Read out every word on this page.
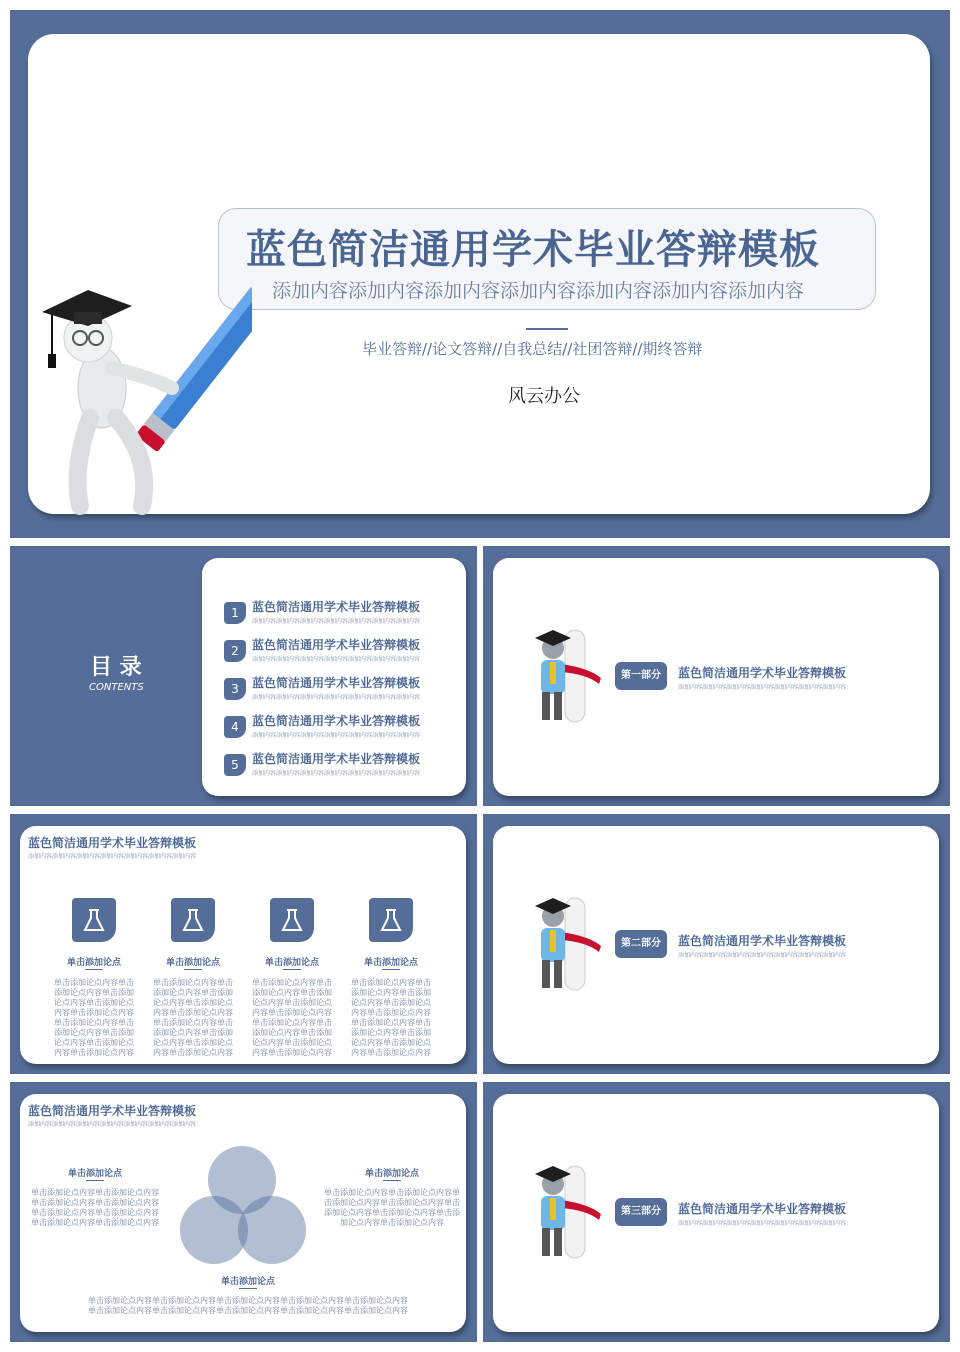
蓝色简洁通用学术毕业答辩模板
添加内容添加内容添加内容添加内容添加内容添加内容添加内容
毕业答辩//论文答辩//自我总结//社团答辩//期终答辩
风云办公
目 录
CONTENTS
1	蓝色简洁通用学术毕业答辩模板
添加内容添加内容添加内容添加内容添加内容添加内容添加内容
2	蓝色简洁通用学术毕业答辩模板
添加内容添加内容添加内容添加内容添加内容添加内容添加内容
3	蓝色简洁通用学术毕业答辩模板
添加内容添加内容添加内容添加内容添加内容添加内容添加内容
4	蓝色简洁通用学术毕业答辩模板
添加内容添加内容添加内容添加内容添加内容添加内容添加内容
5	蓝色简洁通用学术毕业答辩模板
添加内容添加内容添加内容添加内容添加内容添加内容添加内容
第一部分	蓝色简洁通用学术毕业答辩模板
添加内容添加内容添加内容添加内容添加内容添加内容添加内容
蓝色简洁通用学术毕业答辩模板
添加内容添加内容添加内容添加内容添加内容添加内容添加内容
单击添加论点	单击添加论点	单击添加论点	单击添加论点
单击添加论点内容单击添加论点内容单击添加论点内容单击添加论点内容单击添加论点内容单击添加论点内容单击添加论点内容单击添加论点内容单击添加论点内容单击添加论点内容
单击添加论点内容单击添加论点内容单击添加论点内容单击添加论点内容单击添加论点内容单击添加论点内容单击添加论点内容单击添加论点内容单击添加论点内容单击添加论点内容
单击添加论点内容单击添加论点内容单击添加论点内容单击添加论点内容单击添加论点内容单击添加论点内容单击添加论点内容单击添加论点内容单击添加论点内容单击添加论点内容
单击添加论点内容单击添加论点内容单击添加论点内容单击添加论点内容单击添加论点内容单击添加论点内容单击添加论点内容单击添加论点内容单击添加论点内容单击添加论点内容
第二部分	蓝色简洁通用学术毕业答辩模板
添加内容添加内容添加内容添加内容添加内容添加内容添加内容
蓝色简洁通用学术毕业答辩模板
添加内容添加内容添加内容添加内容添加内容添加内容添加内容
单击添加论点
单击添加论点内容单击添加论点内容单击添加论点内容单击添加论点内容单击添加论点内容单击添加论点内容单击添加论点内容单击添加论点内容
单击添加论点
单击添加论点内容单击添加论点内容单击添加论点内容单击添加论点内容单击添加论点内容单击添加论点内容单击添加论点内容单击添加论点内容
单击添加论点
单击添加论点内容单击添加论点内容单击添加论点内容单击添加论点内容单击添加论点内容单击添加论点内容单击添加论点内容单击添加论点内容单击添加论点内容单击添加论点内容
第三部分	蓝色简洁通用学术毕业答辩模板
添加内容添加内容添加内容添加内容添加内容添加内容添加内容
